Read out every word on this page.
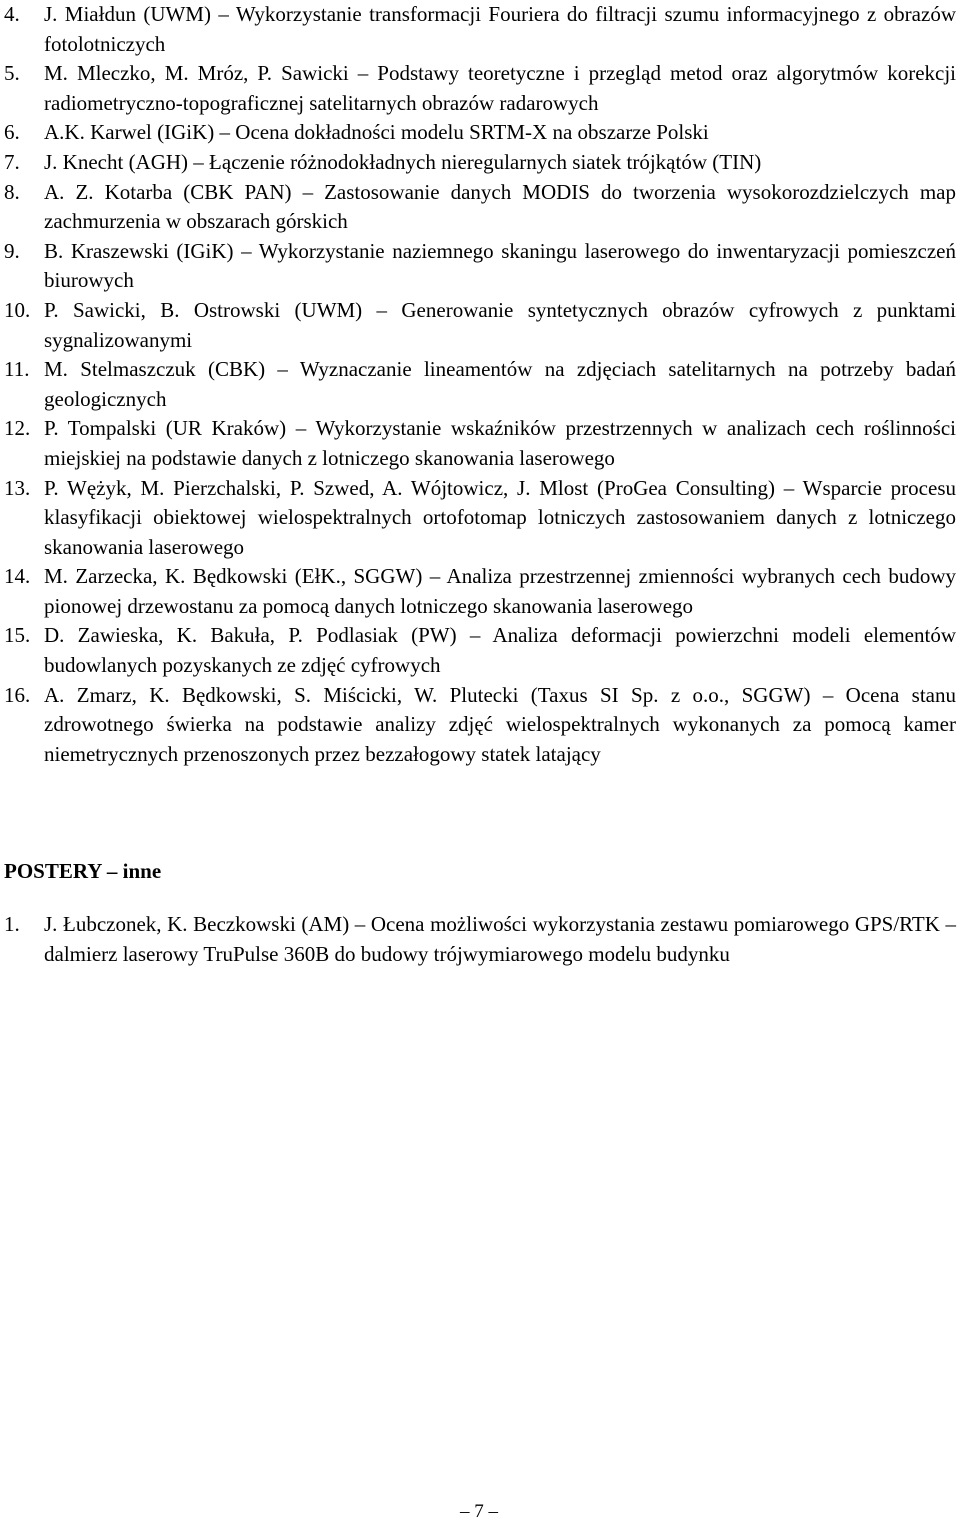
4. J. Miałdun (UWM) – Wykorzystanie transformacji Fouriera do filtracji szumu informacyjnego z obrazów fotolotniczych
5. M. Mleczko, M. Mróz, P. Sawicki – Podstawy teoretyczne i przegląd metod oraz algorytmów korekcji radiometryczno-topograficznej satelitarnych obrazów radarowych
6. A.K. Karwel (IGiK) – Ocena dokładności modelu SRTM-X na obszarze Polski
7. J. Knecht (AGH) – Łączenie różnodokładnych nieregularnych siatek trójkątów (TIN)
8. A. Z. Kotarba (CBK PAN) – Zastosowanie danych MODIS do tworzenia wysokorozdzielczych map zachmurzenia w obszarach górskich
9. B. Kraszewski (IGiK) – Wykorzystanie naziemnego skaningu laserowego do inwentaryzacji pomieszczeń biurowych
10. P. Sawicki, B. Ostrowski (UWM) – Generowanie syntetycznych obrazów cyfrowych z punktami sygnalizowanymi
11. M. Stelmaszczuk (CBK) – Wyznaczanie lineamentów na zdjęciach satelitarnych na potrzeby badań geologicznych
12. P. Tompalski (UR Kraków) – Wykorzystanie wskaźników przestrzennych w analizach cech roślinności miejskiej na podstawie danych z lotniczego skanowania laserowego
13. P. Wężyk, M. Pierzchalski, P. Szwed, A. Wójtowicz, J. Mlost (ProGea Consulting) – Wsparcie procesu klasyfikacji obiektowej wielospektralnych ortofotomap lotniczych zastosowaniem danych z lotniczego skanowania laserowego
14. M. Zarzecka, K. Będkowski (EłK., SGGW) – Analiza przestrzennej zmienności wybranych cech budowy pionowej drzewostanu za pomocą danych lotniczego skanowania laserowego
15. D. Zawieska, K. Bakuła, P. Podlasiak (PW) – Analiza deformacji powierzchni modeli elementów budowlanych pozyskanych ze zdjęć cyfrowych
16. A. Zmarz, K. Będkowski, S. Miścicki, W. Plutecki (Taxus SI Sp. z o.o., SGGW) – Ocena stanu zdrowotnego świerka na podstawie analizy zdjęć wielospektralnych wykonanych za pomocą kamer niemetrycznych przenoszonych przez bezzałogowy statek latający
POSTERY – inne
1. J. Łubczonek, K. Beczkowski (AM) – Ocena możliwości wykorzystania zestawu pomiarowego GPS/RTK – dalmierz laserowy TruPulse 360B do budowy trójwymiarowego modelu budynku
– 7 –
